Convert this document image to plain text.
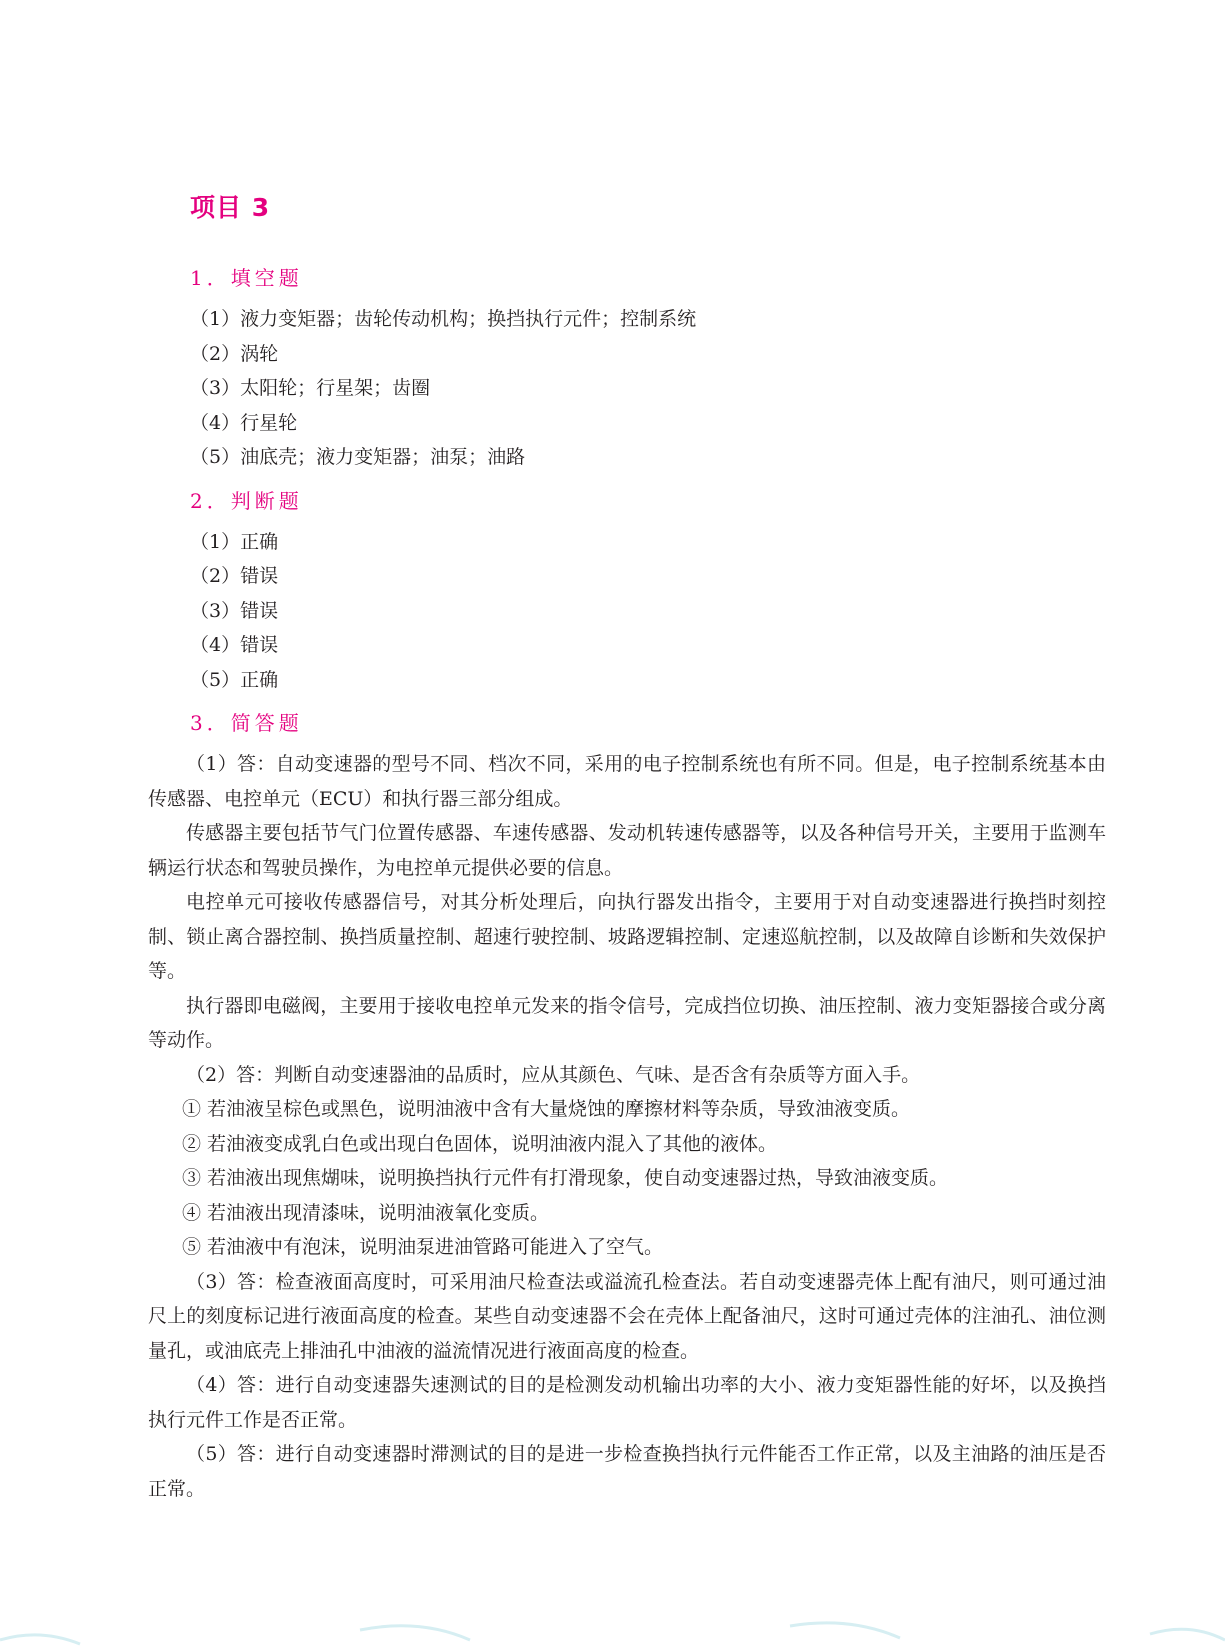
项目 3
1．填空题
（1）液力变矩器；齿轮传动机构；换挡执行元件；控制系统
（2）涡轮
（3）太阳轮；行星架；齿圈
（4）行星轮
（5）油底壳；液力变矩器；油泵；油路
2．判断题
（1）正确
（2）错误
（3）错误
（4）错误
（5）正确
3．简答题

（1）答：自动变速器的型号不同、档次不同，采用的电子控制系统也有所不同。但是，电子控制系统基本由传感器、电控单元（ECU）和执行器三部分组成。

传感器主要包括节气门位置传感器、车速传感器、发动机转速传感器等，以及各种信号开关，主要用于监测车辆运行状态和驾驶员操作，为电控单元提供必要的信息。

电控单元可接收传感器信号，对其分析处理后，向执行器发出指令，主要用于对自动变速器进行换挡时刻控制、锁止离合器控制、换挡质量控制、超速行驶控制、坡路逻辑控制、定速巡航控制，以及故障自诊断和失效保护等。

执行器即电磁阀，主要用于接收电控单元发来的指令信号，完成挡位切换、油压控制、液力变矩器接合或分离等动作。

（2）答：判断自动变速器油的品质时，应从其颜色、气味、是否含有杂质等方面入手。

① 若油液呈棕色或黑色，说明油液中含有大量烧蚀的摩擦材料等杂质，导致油液变质。
② 若油液变成乳白色或出现白色固体，说明油液内混入了其他的液体。
③ 若油液出现焦煳味，说明换挡执行元件有打滑现象，使自动变速器过热，导致油液变质。
④ 若油液出现清漆味，说明油液氧化变质。
⑤ 若油液中有泡沫，说明油泵进油管路可能进入了空气。

（3）答：检查液面高度时，可采用油尺检查法或溢流孔检查法。若自动变速器壳体上配有油尺，则可通过油尺上的刻度标记进行液面高度的检查。某些自动变速器不会在壳体上配备油尺，这时可通过壳体的注油孔、油位测量孔，或油底壳上排油孔中油液的溢流情况进行液面高度的检查。

（4）答：进行自动变速器失速测试的目的是检测发动机输出功率的大小、液力变矩器性能的好坏，以及换挡执行元件工作是否正常。

（5）答：进行自动变速器时滞测试的目的是进一步检查换挡执行元件能否工作正常，以及主油路的油压是否正常。
